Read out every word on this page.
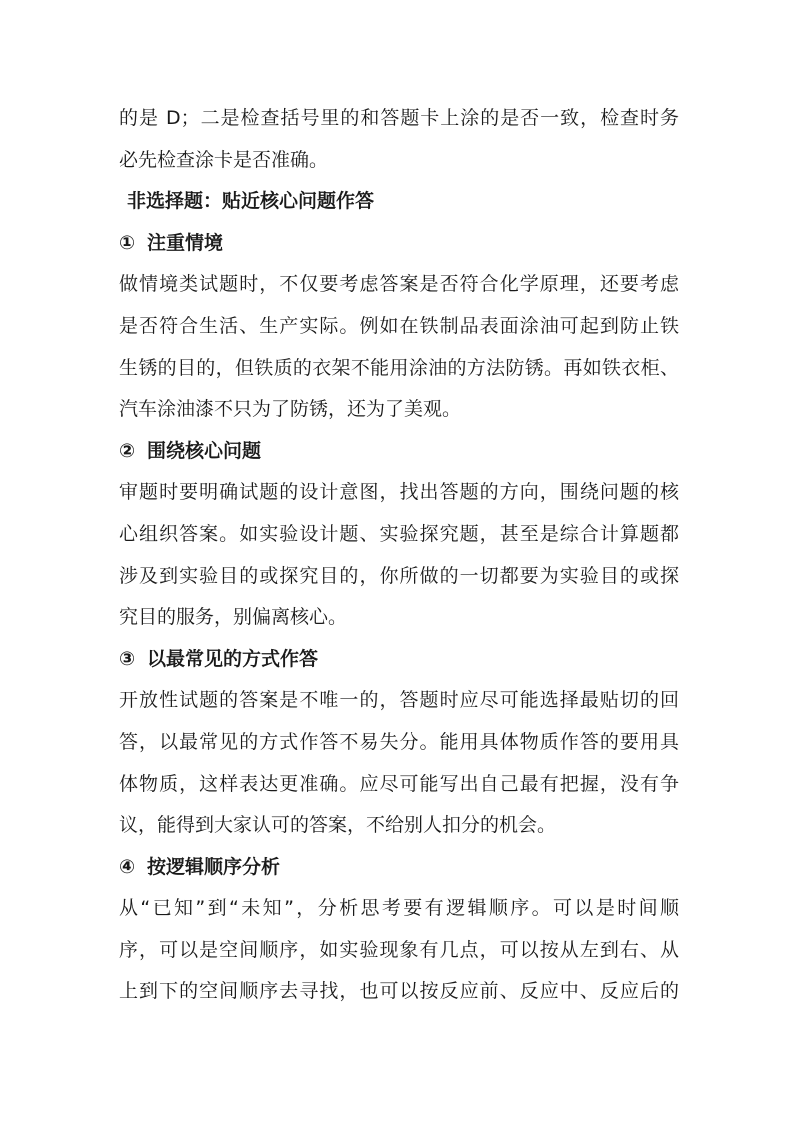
的是 D；二是检查括号里的和答题卡上涂的是否一致，检查时务
必先检查涂卡是否准确。
非选择题：贴近核心问题作答
① 注重情境
做情境类试题时，不仅要考虑答案是否符合化学原理，还要考虑
是否符合生活、生产实际。例如在铁制品表面涂油可起到防止铁
生锈的目的，但铁质的衣架不能用涂油的方法防锈。再如铁衣柜、
汽车涂油漆不只为了防锈，还为了美观。
② 围绕核心问题
审题时要明确试题的设计意图，找出答题的方向，围绕问题的核
心组织答案。如实验设计题、实验探究题，甚至是综合计算题都
涉及到实验目的或探究目的，你所做的一切都要为实验目的或探
究目的服务，别偏离核心。
③ 以最常见的方式作答
开放性试题的答案是不唯一的，答题时应尽可能选择最贴切的回
答，以最常见的方式作答不易失分。能用具体物质作答的要用具
体物质，这样表达更准确。应尽可能写出自己最有把握，没有争
议，能得到大家认可的答案，不给别人扣分的机会。
④ 按逻辑顺序分析
从“已知”到“未知”，分析思考要有逻辑顺序。可以是时间顺
序，可以是空间顺序，如实验现象有几点，可以按从左到右、从
上到下的空间顺序去寻找，也可以按反应前、反应中、反应后的
